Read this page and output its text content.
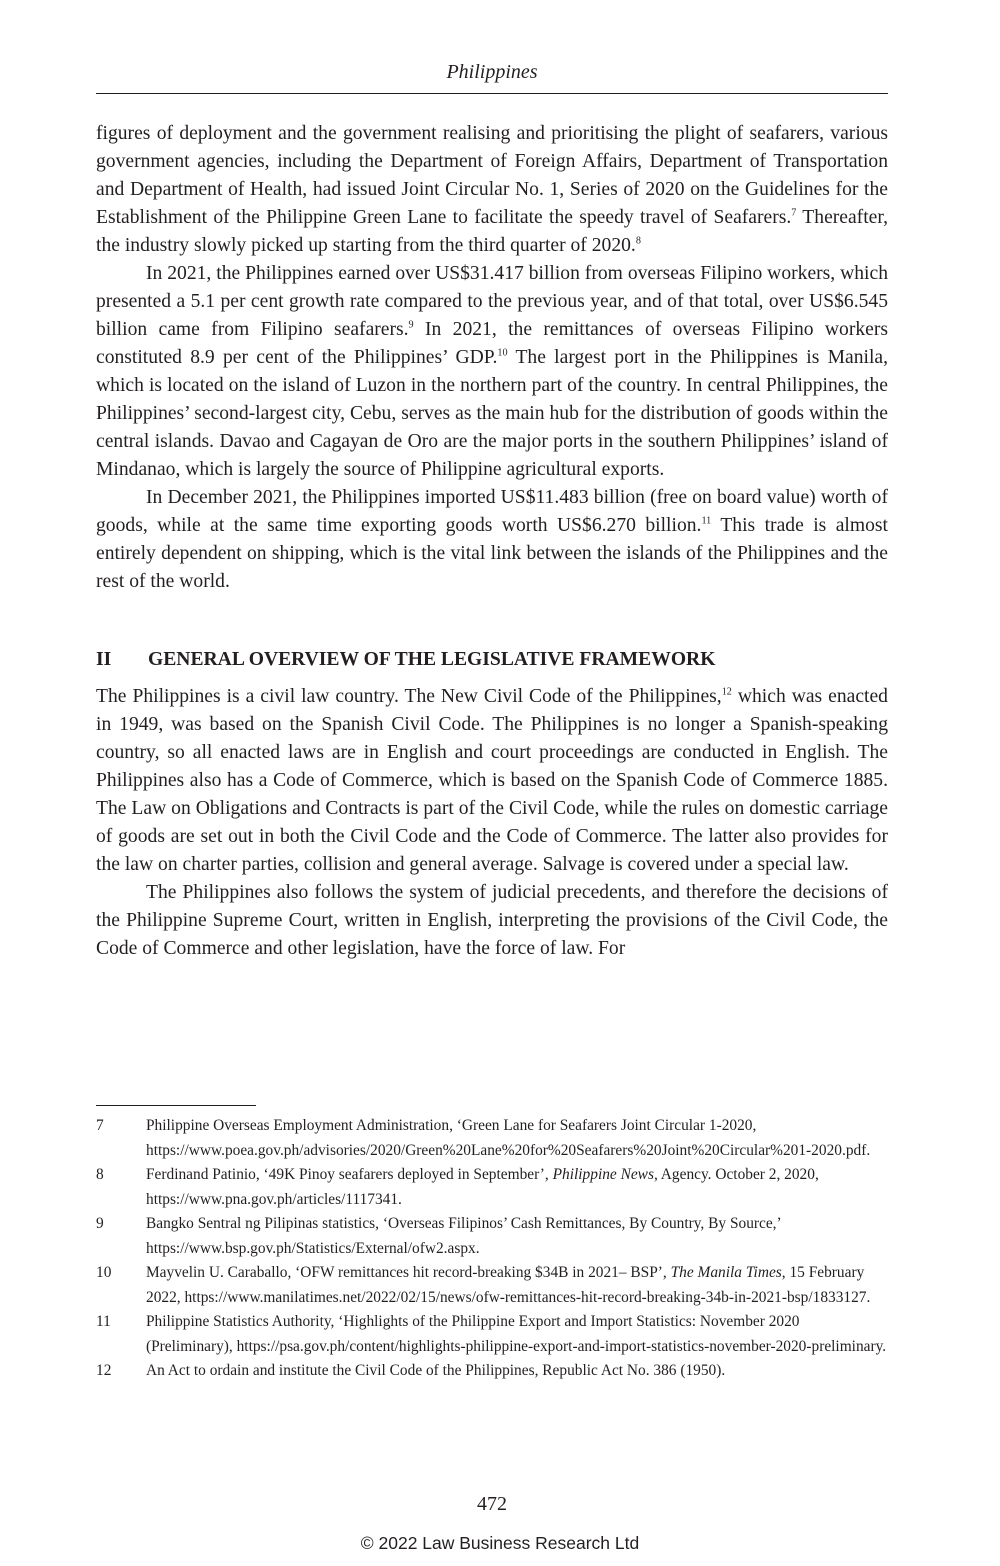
Philippines

figures of deployment and the government realising and prioritising the plight of seafarers, various government agencies, including the Department of Foreign Affairs, Department of Transportation and Department of Health, had issued Joint Circular No. 1, Series of 2020 on the Guidelines for the Establishment of the Philippine Green Lane to facilitate the speedy travel of Seafarers.$^7$ Thereafter, the industry slowly picked up starting from the third quarter of 2020.$^8$

In 2021, the Philippines earned over US$31.417 billion from overseas Filipino workers, which presented a 5.1 per cent growth rate compared to the previous year, and of that total, over US$6.545 billion came from Filipino seafarers.$^9$ In 2021, the remittances of overseas Filipino workers constituted 8.9 per cent of the Philippines’ GDP.$^{10}$ The largest port in the Philippines is Manila, which is located on the island of Luzon in the northern part of the country. In central Philippines, the Philippines’ second-largest city, Cebu, serves as the main hub for the distribution of goods within the central islands. Davao and Cagayan de Oro are the major ports in the southern Philippines’ island of Mindanao, which is largely the source of Philippine agricultural exports.

In December 2021, the Philippines imported US$11.483 billion (free on board value) worth of goods, while at the same time exporting goods worth US$6.270 billion.$^{11}$ This trade is almost entirely dependent on shipping, which is the vital link between the islands of the Philippines and the rest of the world.

II	GENERAL OVERVIEW OF THE LEGISLATIVE FRAMEWORK

The Philippines is a civil law country. The New Civil Code of the Philippines,$^{12}$ which was enacted in 1949, was based on the Spanish Civil Code. The Philippines is no longer a Spanish-speaking country, so all enacted laws are in English and court proceedings are conducted in English. The Philippines also has a Code of Commerce, which is based on the Spanish Code of Commerce 1885. The Law on Obligations and Contracts is part of the Civil Code, while the rules on domestic carriage of goods are set out in both the Civil Code and the Code of Commerce. The latter also provides for the law on charter parties, collision and general average. Salvage is covered under a special law.

The Philippines also follows the system of judicial precedents, and therefore the decisions of the Philippine Supreme Court, written in English, interpreting the provisions of the Civil Code, the Code of Commerce and other legislation, have the force of law. For

7	Philippine Overseas Employment Administration, ‘Green Lane for Seafarers Joint Circular 1-2020, https://www.poea.gov.ph/advisories/2020/Green%20Lane%20for%20Seafarers%20Joint%20Circular%201-2020.pdf.
8	Ferdinand Patinio, ‘49K Pinoy seafarers deployed in September’, Philippine News, Agency. October 2, 2020, https://www.pna.gov.ph/articles/1117341.
9	Bangko Sentral ng Pilipinas statistics, ‘Overseas Filipinos’ Cash Remittances, By Country, By Source,’ https://www.bsp.gov.ph/Statistics/External/ofw2.aspx.
10	Mayvelin U. Caraballo, ‘OFW remittances hit record-breaking $34B in 2021– BSP’, The Manila Times, 15 February 2022, https://www.manilatimes.net/2022/02/15/news/ofw-remittances-hit-record-breaking-34b-in-2021-bsp/1833127.
11	Philippine Statistics Authority, ‘Highlights of the Philippine Export and Import Statistics: November 2020 (Preliminary), https://psa.gov.ph/content/highlights-philippine-export-and-import-statistics-november-2020-preliminary.
12	An Act to ordain and institute the Civil Code of the Philippines, Republic Act No. 386 (1950).
472
© 2022 Law Business Research Ltd
